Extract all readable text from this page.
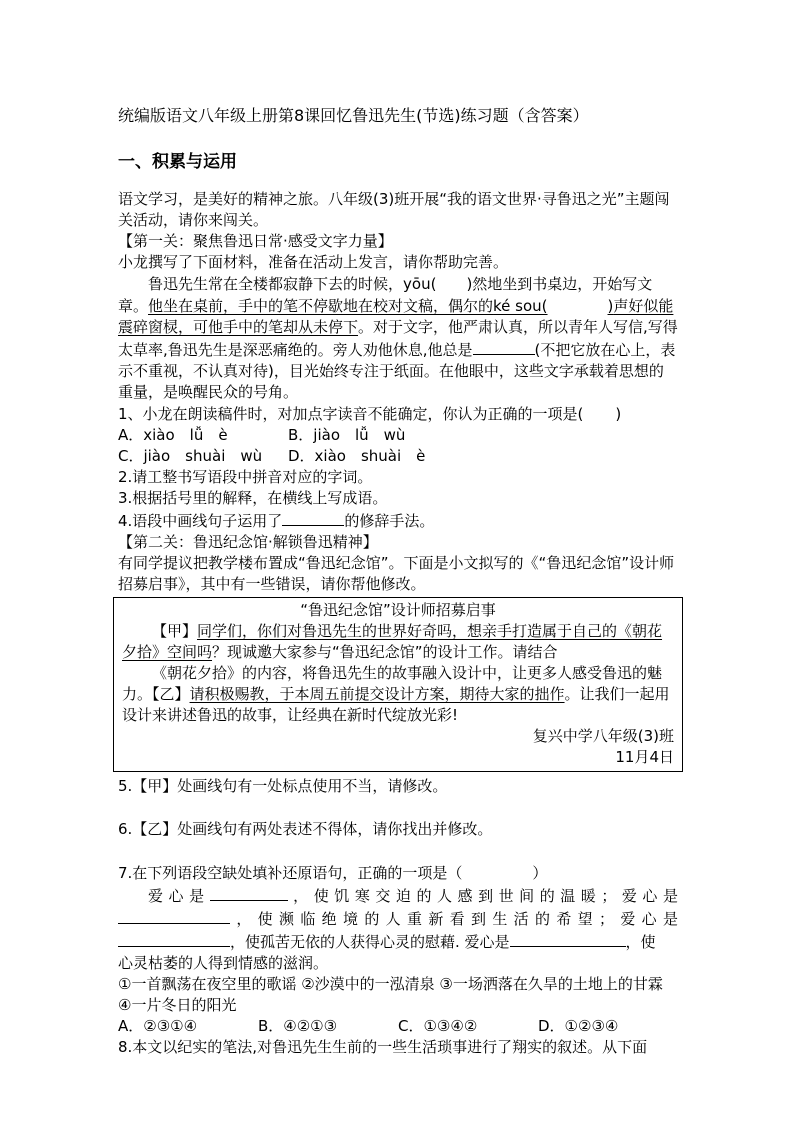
统编版语文八年级上册第8课回忆鲁迅先生(节选)练习题（含答案）
一、积累与运用

语文学习，是美好的精神之旅。八年级(3)班开展“我的语文世界·寻鲁迅之光”主题闯关活动，请你来闯关。

【第一关：聚焦鲁迅日常·感受文字力量】

小龙撰写了下面材料，准备在活动上发言，请你帮助完善。

鲁迅先生常在全楼都寂静下去的时候，yōu( )然地坐到书桌边，开始写文章。他坐在桌前，手中的笔不停歇地在校对文稿，偶尔的ké sou(	)声好似能震碎窗棂，可他手中的笔却从未停下。对于文字，他严肃认真，所以青年人写信,写得太草率,鲁迅先生是深恶痛绝的。旁人劝他休息,他总是	(不把它放在心上，表示不重视，不认真对待)，目光始终专注于纸面。在他眼中，这些文字承载着思想的重量，是唤醒民众的号角。

1、小龙在朗读稿件时，对加点字读音不能确定，你认为正确的一项是( )

A．xiào　lǚ　è	B．jiào　lǚ　wù

C．jiào　shuài　wù D．xiào　shuài　è

2.请工整书写语段中拼音对应的字词。

3.根据括号里的解释，在横线上写成语。

4.语段中画线句子运用了	的修辞手法。

【第二关：鲁迅纪念馆·解锁鲁迅精神】

有同学提议把教学楼布置成“鲁迅纪念馆”。下面是小文拟写的《“鲁迅纪念馆”设计师招募启事》，其中有一些错误，请你帮他修改。

“鲁迅纪念馆”设计师招募启事
【甲】同学们，你们对鲁迅先生的世界好奇吗，想亲手打造属于自己的《朝花夕拾》空间吗？现诚邀大家参与“鲁迅纪念馆”的设计工作。请结合
《朝花夕拾》的内容，将鲁迅先生的故事融入设计中，让更多人感受鲁迅的魅力。【乙】请积极赐教，于本周五前提交设计方案，期待大家的拙作。让我们一起用设计来讲述鲁迅的故事，让经典在新时代绽放光彩!
复兴中学八年级(3)班
11月4日

5.【甲】处画线句有一处标点使用不当，请修改。

6.【乙】处画线句有两处表述不得体，请你找出并修改。

7.在下列语段空缺处填补还原语句，正确的一项是（	）

爱心是	，使饥寒交迫的人感到世间的温暖；爱心是

，使濒临绝境的人重新看到生活的希望；爱心是

，使孤苦无依的人获得心灵的慰藉. 爱心是	，使

心灵枯萎的人得到情感的滋润。

①一首飘荡在夜空里的歌谣 ②沙漠中的一泓清泉 ③一场洒落在久旱的土地上的甘霖 ④一片冬日的阳光

A．②③①④	B．④②①③	C．①③④②	D．①②③④

8.本文以纪实的笔法,对鲁迅先生生前的一些生活琐事进行了翔实的叙述。从下面
